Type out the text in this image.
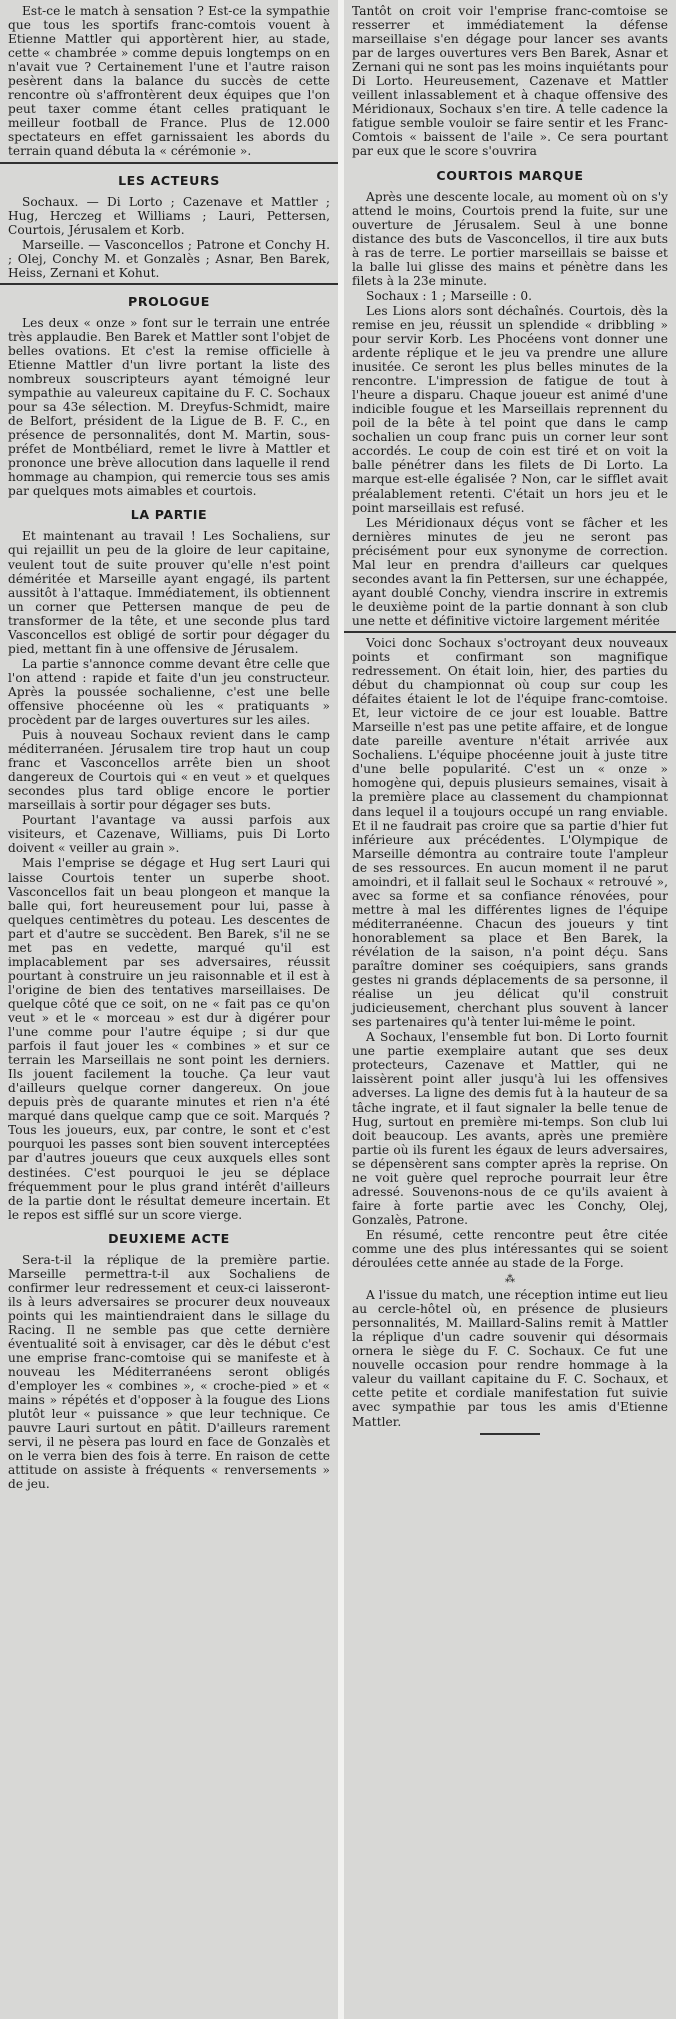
Est-ce le match à sensation ? Est-ce la sympathie que tous les sportifs franc-comtois vouent à Etienne Mattler qui apportèrent hier, au stade, cette « chambrée » comme depuis longtemps on en n'avait vue ? Certainement l'une et l'autre raison pesèrent dans la balance du succès de cette rencontre où s'affrontèrent deux équipes que l'on peut taxer comme étant celles pratiquant le meilleur football de France. Plus de 12.000 spectateurs en effet garnissaient les abords du terrain quand débuta la « cérémonie ».

LES ACTEURS

Sochaux. — Di Lorto ; Cazenave et Mattler ; Hug, Herczeg et Williams ; Lauri, Pettersen, Courtois, Jérusalem et Korb.

Marseille. — Vasconcellos ; Patrone et Conchy H. ; Olej, Conchy M. et Gonzalès ; Asnar, Ben Barek, Heiss, Zernani et Kohut.

PROLOGUE

Les deux « onze » font sur le terrain une entrée très applaudie. Ben Barek et Mattler sont l'objet de belles ovations. Et c'est la remise officielle à Etienne Mattler d'un livre portant la liste des nombreux souscripteurs ayant témoigné leur sympathie au valeureux capitaine du F. C. Sochaux pour sa 43e sélection. M. Dreyfus-Schmidt, maire de Belfort, président de la Ligue de B. F. C., en présence de personnalités, dont M. Martin, sous-préfet de Montbéliard, remet le livre à Mattler et prononce une brève allocution dans laquelle il rend hommage au champion, qui remercie tous ses amis par quelques mots aimables et courtois.

LA PARTIE

Et maintenant au travail ! Les Sochaliens, sur qui rejaillit un peu de la gloire de leur capitaine, veulent tout de suite prouver qu'elle n'est point déméritée et Marseille ayant engagé, ils partent aussitôt à l'attaque. Immédiatement, ils obtiennent un corner que Pettersen manque de peu de transformer de la tête, et une seconde plus tard Vasconcellos est obligé de sortir pour dégager du pied, mettant fin à une offensive de Jérusalem.

La partie s'annonce comme devant être celle que l'on attend : rapide et faite d'un jeu constructeur. Après la poussée sochalienne, c'est une belle offensive phocéenne où les « pratiquants » procèdent par de larges ouvertures sur les ailes.

Puis à nouveau Sochaux revient dans le camp méditerranéen. Jérusalem tire trop haut un coup franc et Vasconcellos arrête bien un shoot dangereux de Courtois qui « en veut » et quelques secondes plus tard oblige encore le portier marseillais à sortir pour dégager ses buts.

Pourtant l'avantage va aussi parfois aux visiteurs, et Cazenave, Williams, puis Di Lorto doivent « veiller au grain ».

Mais l'emprise se dégage et Hug sert Lauri qui laisse Courtois tenter un superbe shoot. Vasconcellos fait un beau plongeon et manque la balle qui, fort heureusement pour lui, passe à quelques centimètres du poteau. Les descentes de part et d'autre se succèdent. Ben Barek, s'il ne se met pas en vedette, marqué qu'il est implacablement par ses adversaires, réussit pourtant à construire un jeu raisonnable et il est à l'origine de bien des tentatives marseillaises. De quelque côté que ce soit, on ne « fait pas ce qu'on veut » et le « morceau » est dur à digérer pour l'une comme pour l'autre équipe ; si dur que parfois il faut jouer les « combines » et sur ce terrain les Marseillais ne sont point les derniers. Ils jouent facilement la touche. Ça leur vaut d'ailleurs quelque corner dangereux. On joue depuis près de quarante minutes et rien n'a été marqué dans quelque camp que ce soit. Marqués ? Tous les joueurs, eux, par contre, le sont et c'est pourquoi les passes sont bien souvent interceptées par d'autres joueurs que ceux auxquels elles sont destinées. C'est pourquoi le jeu se déplace fréquemment pour le plus grand intérêt d'ailleurs de la partie dont le résultat demeure incertain. Et le repos est sifflé sur un score vierge.

DEUXIEME ACTE

Sera-t-il la réplique de la première partie. Marseille permettra-t-il aux Sochaliens de confirmer leur redressement et ceux-ci laisseront-ils à leurs adversaires se procurer deux nouveaux points qui les maintiendraient dans le sillage du Racing. Il ne semble pas que cette dernière éventualité soit à envisager, car dès le début c'est une emprise franc-comtoise qui se manifeste et à nouveau les Méditerranéens seront obligés d'employer les « combines », « croche-pied » et « mains » répétés et d'opposer à la fougue des Lions plutôt leur « puissance » que leur technique. Ce pauvre Lauri surtout en pâtit. D'ailleurs rarement servi, il ne pèsera pas lourd en face de Gonzalès et on le verra bien des fois à terre. En raison de cette attitude on assiste à fréquents « renversements » de jeu.

Tantôt on croit voir l'emprise franc-comtoise se resserrer et immédiatement la défense marseillaise s'en dégage pour lancer ses avants par de larges ouvertures vers Ben Barek, Asnar et Zernani qui ne sont pas les moins inquiétants pour Di Lorto. Heureusement, Cazenave et Mattler veillent inlassablement et à chaque offensive des Méridionaux, Sochaux s'en tire. A telle cadence la fatigue semble vouloir se faire sentir et les Franc-Comtois « baissent de l'aile ». Ce sera pourtant par eux que le score s'ouvrira

COURTOIS MARQUE

Après une descente locale, au moment où on s'y attend le moins, Courtois prend la fuite, sur une ouverture de Jérusalem. Seul à une bonne distance des buts de Vasconcellos, il tire aux buts à ras de terre. Le portier marseillais se baisse et la balle lui glisse des mains et pénètre dans les filets à la 23e minute.

Sochaux : 1 ; Marseille : 0.

Les Lions alors sont déchaînés. Courtois, dès la remise en jeu, réussit un splendide « dribbling » pour servir Korb. Les Phocéens vont donner une ardente réplique et le jeu va prendre une allure inusitée. Ce seront les plus belles minutes de la rencontre. L'impression de fatigue de tout à l'heure a disparu. Chaque joueur est animé d'une indicible fougue et les Marseillais reprennent du poil de la bête à tel point que dans le camp sochalien un coup franc puis un corner leur sont accordés. Le coup de coin est tiré et on voit la balle pénétrer dans les filets de Di Lorto. La marque est-elle égalisée ? Non, car le sifflet avait préalablement retenti. C'était un hors jeu et le point marseillais est refusé.

Les Méridionaux déçus vont se fâcher et les dernières minutes de jeu ne seront pas précisément pour eux synonyme de correction. Mal leur en prendra d'ailleurs car quelques secondes avant la fin Pettersen, sur une échappée, ayant doublé Conchy, viendra inscrire in extremis le deuxième point de la partie donnant à son club une nette et définitive victoire largement méritée

Voici donc Sochaux s'octroyant deux nouveaux points et confirmant son magnifique redressement. On était loin, hier, des parties du début du championnat où coup sur coup les défaites étaient le lot de l'équipe franc-comtoise. Et, leur victoire de ce jour est louable. Battre Marseille n'est pas une petite affaire, et de longue date pareille aventure n'était arrivée aux Sochaliens. L'équipe phocéenne jouit à juste titre d'une belle popularité. C'est un « onze » homogène qui, depuis plusieurs semaines, visait à la première place au classement du championnat dans lequel il a toujours occupé un rang enviable. Et il ne faudrait pas croire que sa partie d'hier fut inférieure aux précédentes. L'Olympique de Marseille démontra au contraire toute l'ampleur de ses ressources. En aucun moment il ne parut amoindri, et il fallait seul le Sochaux « retrouvé », avec sa forme et sa confiance rénovées, pour mettre à mal les différentes lignes de l'équipe méditerranéenne. Chacun des joueurs y tint honorablement sa place et Ben Barek, la révélation de la saison, n'a point déçu. Sans paraître dominer ses coéquipiers, sans grands gestes ni grands déplacements de sa personne, il réalise un jeu délicat qu'il construit judicieusement, cherchant plus souvent à lancer ses partenaires qu'à tenter lui-même le point.

A Sochaux, l'ensemble fut bon. Di Lorto fournit une partie exemplaire autant que ses deux protecteurs, Cazenave et Mattler, qui ne laissèrent point aller jusqu'à lui les offensives adverses. La ligne des demis fut à la hauteur de sa tâche ingrate, et il faut signaler la belle tenue de Hug, surtout en première mi-temps. Son club lui doit beaucoup. Les avants, après une première partie où ils furent les égaux de leurs adversaires, se dépensèrent sans compter après la reprise. On ne voit guère quel reproche pourrait leur être adressé. Souvenons-nous de ce qu'ils avaient à faire à forte partie avec les Conchy, Olej, Gonzalès, Patrone.

En résumé, cette rencontre peut être citée comme une des plus intéressantes qui se soient déroulées cette année au stade de la Forge.

⁂

A l'issue du match, une réception intime eut lieu au cercle-hôtel où, en présence de plusieurs personnalités, M. Maillard-Salins remit à Mattler la réplique d'un cadre souvenir qui désormais ornera le siège du F. C. Sochaux. Ce fut une nouvelle occasion pour rendre hommage à la valeur du vaillant capitaine du F. C. Sochaux, et cette petite et cordiale manifestation fut suivie avec sympathie par tous les amis d'Etienne Mattler.
